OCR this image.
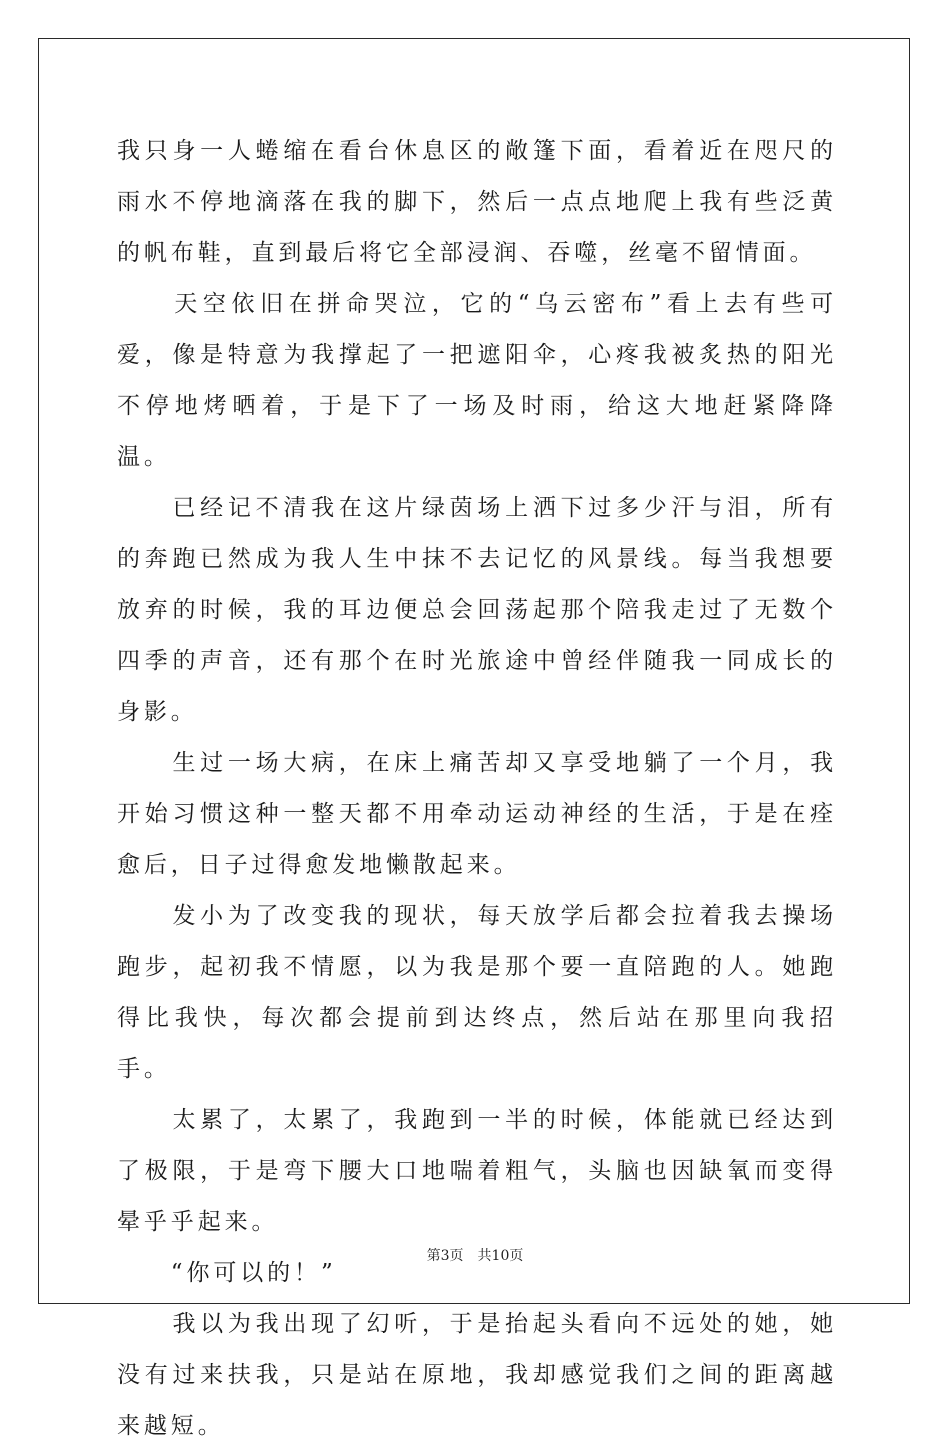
我只身一人蜷缩在看台休息区的敞篷下面，看着近在咫尺的雨水不停地滴落在我的脚下，然后一点点地爬上我有些泛黄的帆布鞋，直到最后将它全部浸润、吞噬，丝毫不留情面。

　　天空依旧在拼命哭泣，它的“乌云密布”看上去有些可爱，像是特意为我撑起了一把遮阳伞，心疼我被炙热的阳光不停地烤晒着，于是下了一场及时雨，给这大地赶紧降降温。

　　已经记不清我在这片绿茵场上洒下过多少汗与泪，所有的奔跑已然成为我人生中抹不去记忆的风景线。每当我想要放弃的时候，我的耳边便总会回荡起那个陪我走过了无数个四季的声音，还有那个在时光旅途中曾经伴随我一同成长的身影。

　　生过一场大病，在床上痛苦却又享受地躺了一个月，我开始习惯这种一整天都不用牵动运动神经的生活，于是在痊愈后，日子过得愈发地懒散起来。

　　发小为了改变我的现状，每天放学后都会拉着我去操场跑步，起初我不情愿，以为我是那个要一直陪跑的人。她跑得比我快，每次都会提前到达终点，然后站在那里向我招手。

　　太累了，太累了，我跑到一半的时候，体能就已经达到了极限，于是弯下腰大口地喘着粗气，头脑也因缺氧而变得晕乎乎起来。

　　“你可以的！”

　　我以为我出现了幻听，于是抬起头看向不远处的她，她没有过来扶我，只是站在原地，我却感觉我们之间的距离越来越短。

第3页　共10页
